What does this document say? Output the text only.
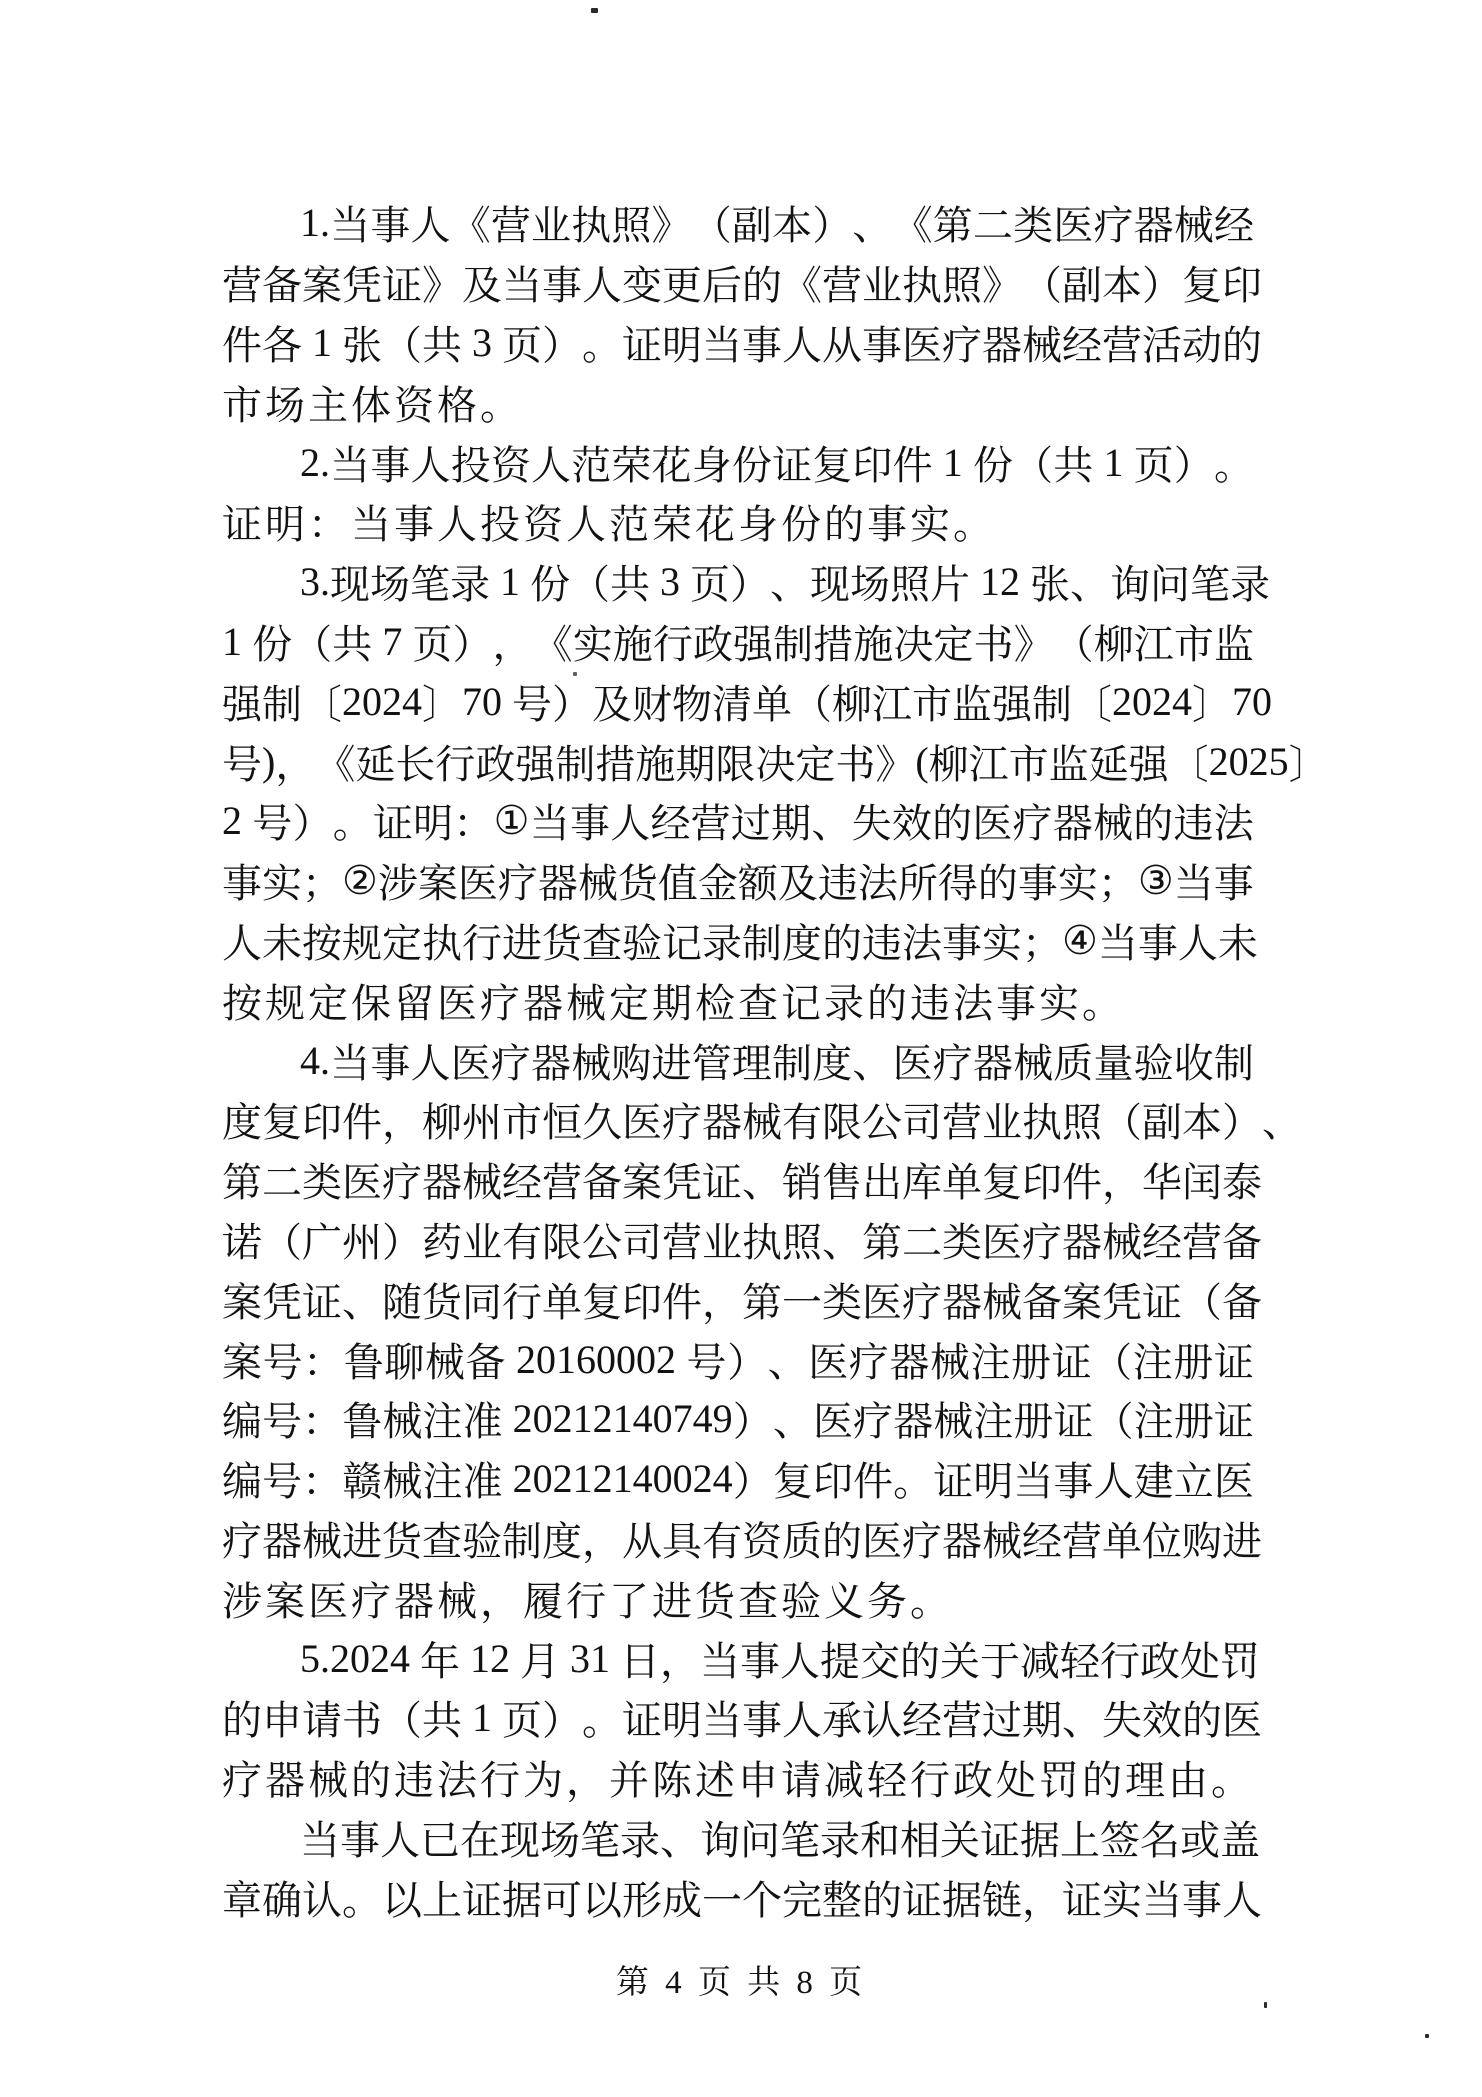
1. 当 事 人 《 营 业 执 照 》 （ 副 本 ） 、 《 第 二 类 医 疗 器 械 经
营 备 案 凭 证 》 及 当 事 人 变 更 后 的 《 营 业 执 照 》 （ 副 本 ） 复 印
件 各 1 张 （ 共 3 页 ） 。 证 明 当 事 人 从 事 医 疗 器 械 经 营 活 动 的
市场主体资格。
2. 当 事 人 投 资 人 范 荣 花 身 份 证 复 印 件 1 份 （ 共 1 页 ） 。
证明：当事人投资人范荣花身份的事实。
3. 现 场 笔 录 1 份 （ 共 3 页 ） 、 现 场 照 片 12 张 、 询 问 笔 录
1 份 （ 共 7 页 ） ， 《 实 施 行 政 强 制 措 施 决 定 书 》 （ 柳 江 市 监
强 制 〔 2024 〕 70 号 ） 及 财 物 清 单 （ 柳 江 市 监 强 制 〔 2024 〕 70
号 ) ， 《 延 长 行 政 强 制 措 施 期 限 决 定 书 》 ( 柳 江 市 监 延 强 〔 2025 〕
2 号 ） 。 证 明 ： ① 当 事 人 经 营 过 期 、 失 效 的 医 疗 器 械 的 违 法
事 实 ； ② 涉 案 医 疗 器 械 货 值 金 额 及 违 法 所 得 的 事 实 ； ③ 当 事
人 未 按 规 定 执 行 进 货 查 验 记 录 制 度 的 违 法 事 实 ； ④ 当 事 人 未
按规定保留医疗器械定期检查记录的违法事实。
4. 当 事 人 医 疗 器 械 购 进 管 理 制 度 、 医 疗 器 械 质 量 验 收 制
度 复 印 件 ， 柳 州 市 恒 久 医 疗 器 械 有 限 公 司 营 业 执 照 （ 副 本 ） 、
第 二 类 医 疗 器 械 经 营 备 案 凭 证 、 销 售 出 库 单 复 印 件 ， 华 闰 泰
诺 （ 广 州 ） 药 业 有 限 公 司 营 业 执 照 、 第 二 类 医 疗 器 械 经 营 备
案 凭 证 、 随 货 同 行 单 复 印 件 ， 第 一 类 医 疗 器 械 备 案 凭 证 （ 备
案 号 ： 鲁 聊 械 备 20160002 号 ） 、 医 疗 器 械 注 册 证 （ 注 册 证
编 号 ： 鲁 械 注 准 20212140749 ） 、 医 疗 器 械 注 册 证 （ 注 册 证
编 号 ： 赣 械 注 准 20212140024 ） 复 印 件 。 证 明 当 事 人 建 立 医
疗 器 械 进 货 查 验 制 度 ， 从 具 有 资 质 的 医 疗 器 械 经 营 单 位 购 进
涉案医疗器械，履行了进货查验义务。
5.2024 年 12 月 31 日 ， 当 事 人 提 交 的 关 于 减 轻 行 政 处 罚
的 申 请 书 （ 共 1 页 ） 。 证 明 当 事 人 承 认 经 营 过 期 、 失 效 的 医
疗器械的违法行为，并陈述申请减轻行政处罚的理由。
当 事 人 已 在 现 场 笔 录 、 询 问 笔 录 和 相 关 证 据 上 签 名 或 盖
章 确 认 。 以 上 证 据 可 以 形 成 一 个 完 整 的 证 据 链 ， 证 实 当 事 人
第 4 页 共 8 页
